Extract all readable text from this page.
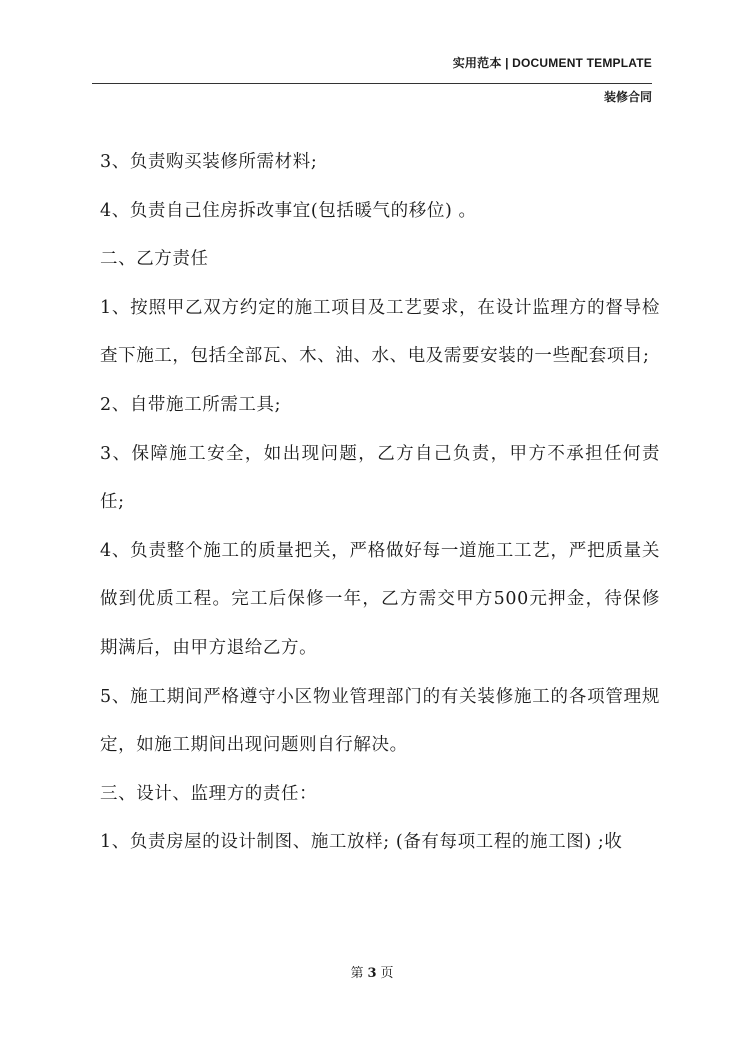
实用范本 | DOCUMENT TEMPLATE
装修合同

3、负责购买装修所需材料;

4、负责自己住房拆改事宜(包括暖气的移位) 。

二、乙方责任

1、按照甲乙双方约定的施工项目及工艺要求，在设计监理方的督导检查下施工，包括全部瓦、木、油、水、电及需要安装的一些配套项目;

2、自带施工所需工具;

3、保障施工安全，如出现问题，乙方自己负责，甲方不承担任何责任;

4、负责整个施工的质量把关，严格做好每一道施工工艺，严把质量关做到优质工程。完工后保修一年，乙方需交甲方500元押金，待保修期满后，由甲方退给乙方。

5、施工期间严格遵守小区物业管理部门的有关装修施工的各项管理规定，如施工期间出现问题则自行解决。

三、设计、监理方的责任：

1、负责房屋的设计制图、施工放样; (备有每项工程的施工图) ;收

第 3 页
